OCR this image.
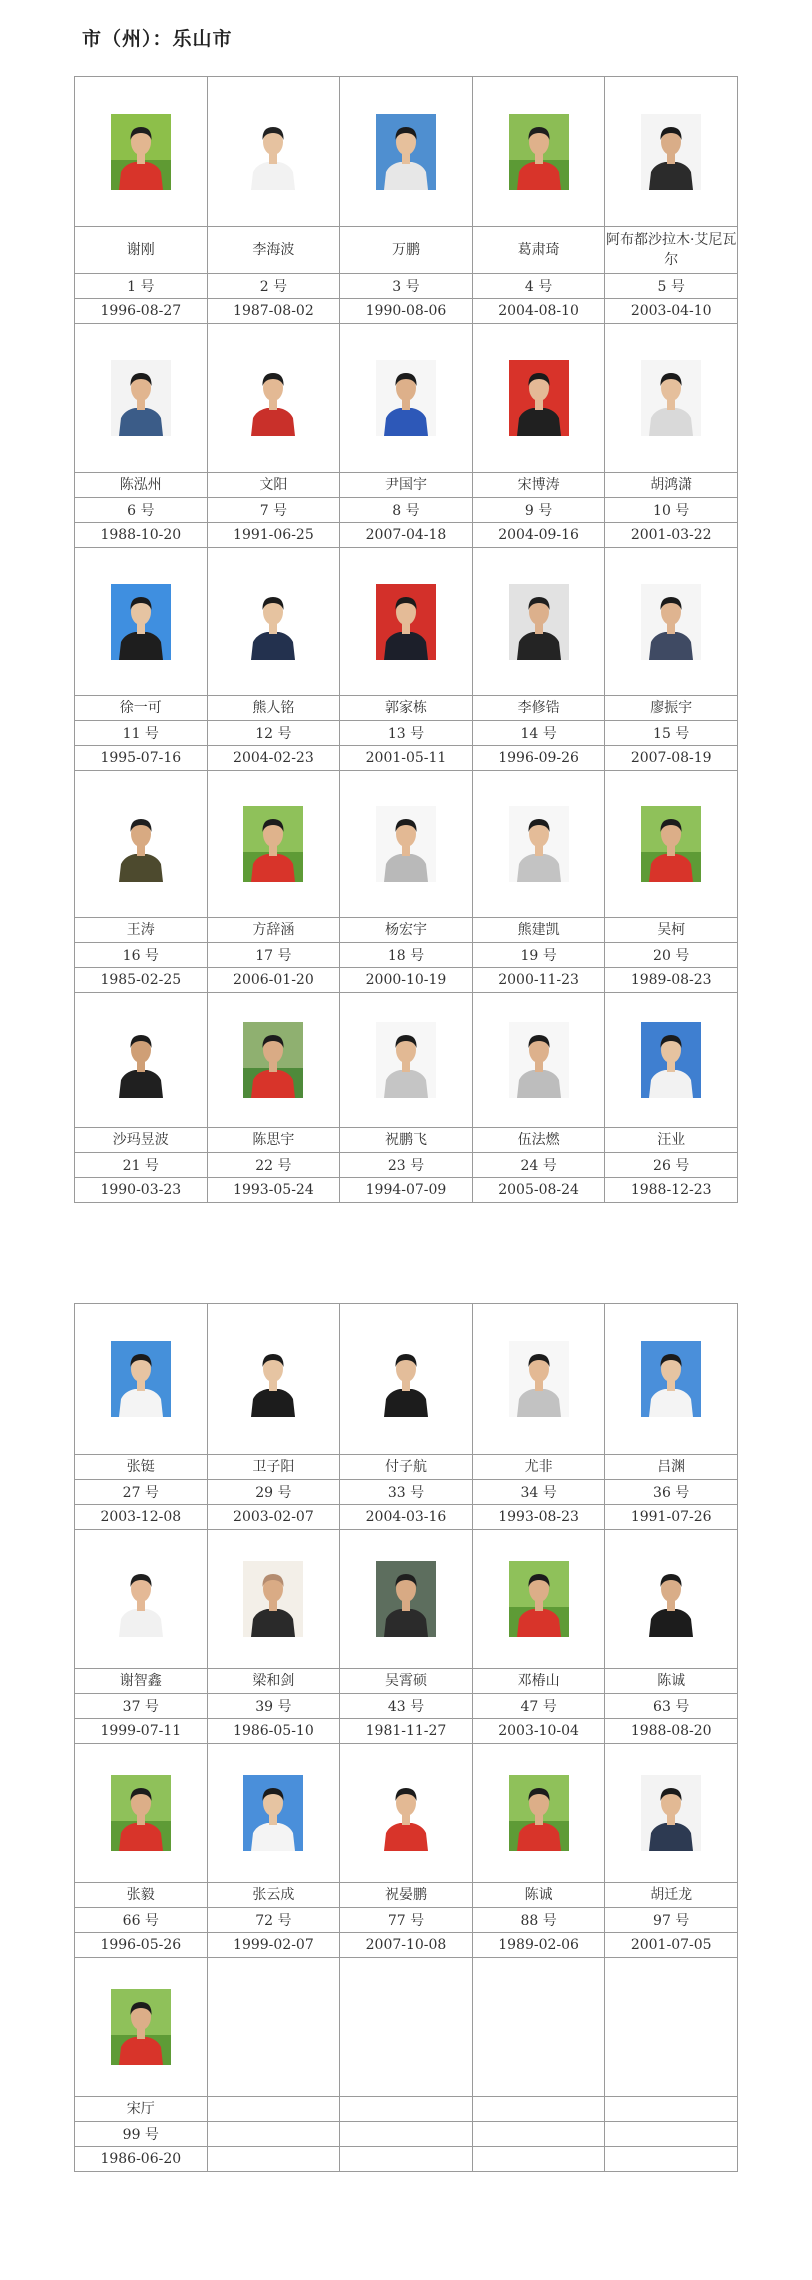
市（州）：乐山市

谢刚	李海波	万鹏	葛肃琦	阿布都沙拉木·艾尼瓦尔
1 号	2 号	3 号	4 号	5 号
1996-08-27	1987-08-02	1990-08-06	2004-08-10	2003-04-10

陈泓州	文阳	尹国宇	宋博涛	胡鸿潇
6 号	7 号	8 号	9 号	10 号
1988-10-20	1991-06-25	2007-04-18	2004-09-16	2001-03-22

徐一可	熊人铭	郭家栋	李修锆	廖振宇
11 号	12 号	13 号	14 号	15 号
1995-07-16	2004-02-23	2001-05-11	1996-09-26	2007-08-19

王涛	方辞涵	杨宏宇	熊建凯	吴柯
16 号	17 号	18 号	19 号	20 号
1985-02-25	2006-01-20	2000-10-19	2000-11-23	1989-08-23

沙玛昱波	陈思宇	祝鹏飞	伍法燃	汪业
21 号	22 号	23 号	24 号	26 号
1990-03-23	1993-05-24	1994-07-09	2005-08-24	1988-12-23

张铤	卫子阳	付子航	尤非	吕渊
27 号	29 号	33 号	34 号	36 号
2003-12-08	2003-02-07	2004-03-16	1993-08-23	1991-07-26

谢智鑫	梁和剑	吴霄硕	邓椿山	陈诚
37 号	39 号	43 号	47 号	63 号
1999-07-11	1986-05-10	1981-11-27	2003-10-04	1988-08-20

张毅	张云成	祝晏鹏	陈诚	胡迁龙
66 号	72 号	77 号	88 号	97 号
1996-05-26	1999-02-07	2007-10-08	1989-02-06	2001-07-05

宋厅				
99 号				
1986-06-20				
